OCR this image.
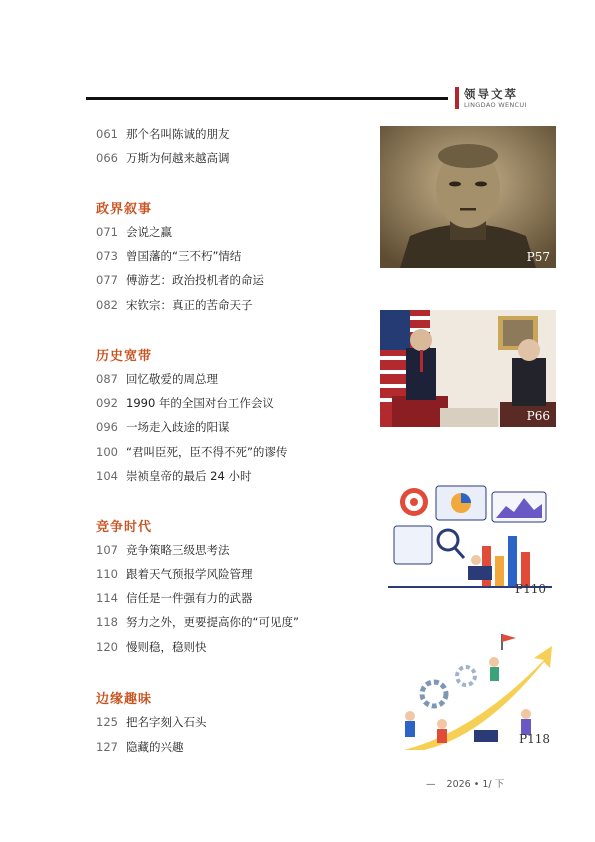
领导文萃
LINGDAO WENCUI
061 那个名叫陈诚的朋友
066 万斯为何越来越高调
政界叙事
071 会说之赢
073 曾国藩的“三不朽”情结
077 傅游艺：政治投机者的命运
082 宋钦宗：真正的苦命天子
历史宽带
087 回忆敬爱的周总理
092 1990 年的全国对台工作会议
096 一场走入歧途的阳谋
100 “君叫臣死，臣不得不死”的谬传
104 崇祯皇帝的最后 24 小时
竞争时代
107 竞争策略三级思考法
110 跟着天气预报学风险管理
114 信任是一件强有力的武器
118 努力之外，更要提高你的“可见度”
120 慢则稳，稳则快
边缘趣味
125 把名字刻入石头
127 隐藏的兴趣
P57
P66
P110
P118
— 2026 • 1/ 下
